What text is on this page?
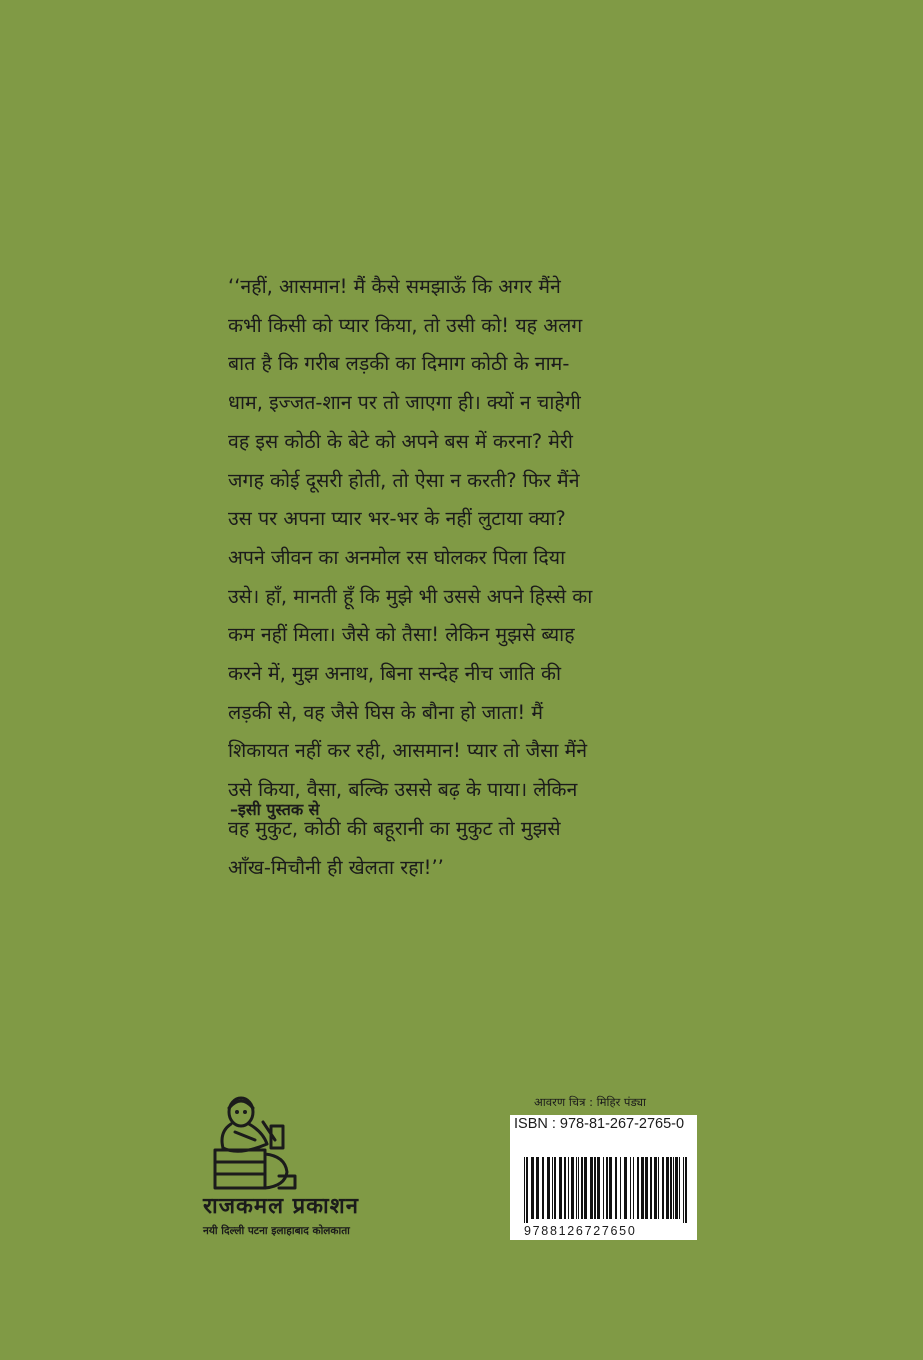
‘‘नहीं, आसमान! मैं कैसे समझाऊँ कि अगर मैंने
कभी किसी को प्यार किया, तो उसी को! यह अलग
बात है कि गरीब लड़की का दिमाग कोठी के नाम-
धाम, इज्जत-शान पर तो जाएगा ही। क्यों न चाहेगी
वह इस कोठी के बेटे को अपने बस में करना? मेरी
जगह कोई दूसरी होती, तो ऐसा न करती? फिर मैंने
उस पर अपना प्यार भर-भर के नहीं लुटाया क्या?
अपने जीवन का अनमोल रस घोलकर पिला दिया
उसे। हाँ, मानती हूँ कि मुझे भी उससे अपने हिस्से का
कम नहीं मिला। जैसे को तैसा! लेकिन मुझसे ब्याह
करने में, मुझ अनाथ, बिना सन्देह नीच जाति की
लड़की से, वह जैसे घिस के बौना हो जाता! मैं
शिकायत नहीं कर रही, आसमान! प्यार तो जैसा मैंने
उसे किया, वैसा, बल्कि उससे बढ़ के पाया। लेकिन
वह मुकुट, कोठी की बहूरानी का मुकुट तो मुझसे
आँख-मिचौनी ही खेलता रहा!’’
–इसी पुस्तक से
राजकमल प्रकाशन
नयी दिल्ली पटना इलाहाबाद कोलकाता
आवरण चित्र : मिहिर पंड्या
ISBN : 978-81-267-2765-0
9788126727650
